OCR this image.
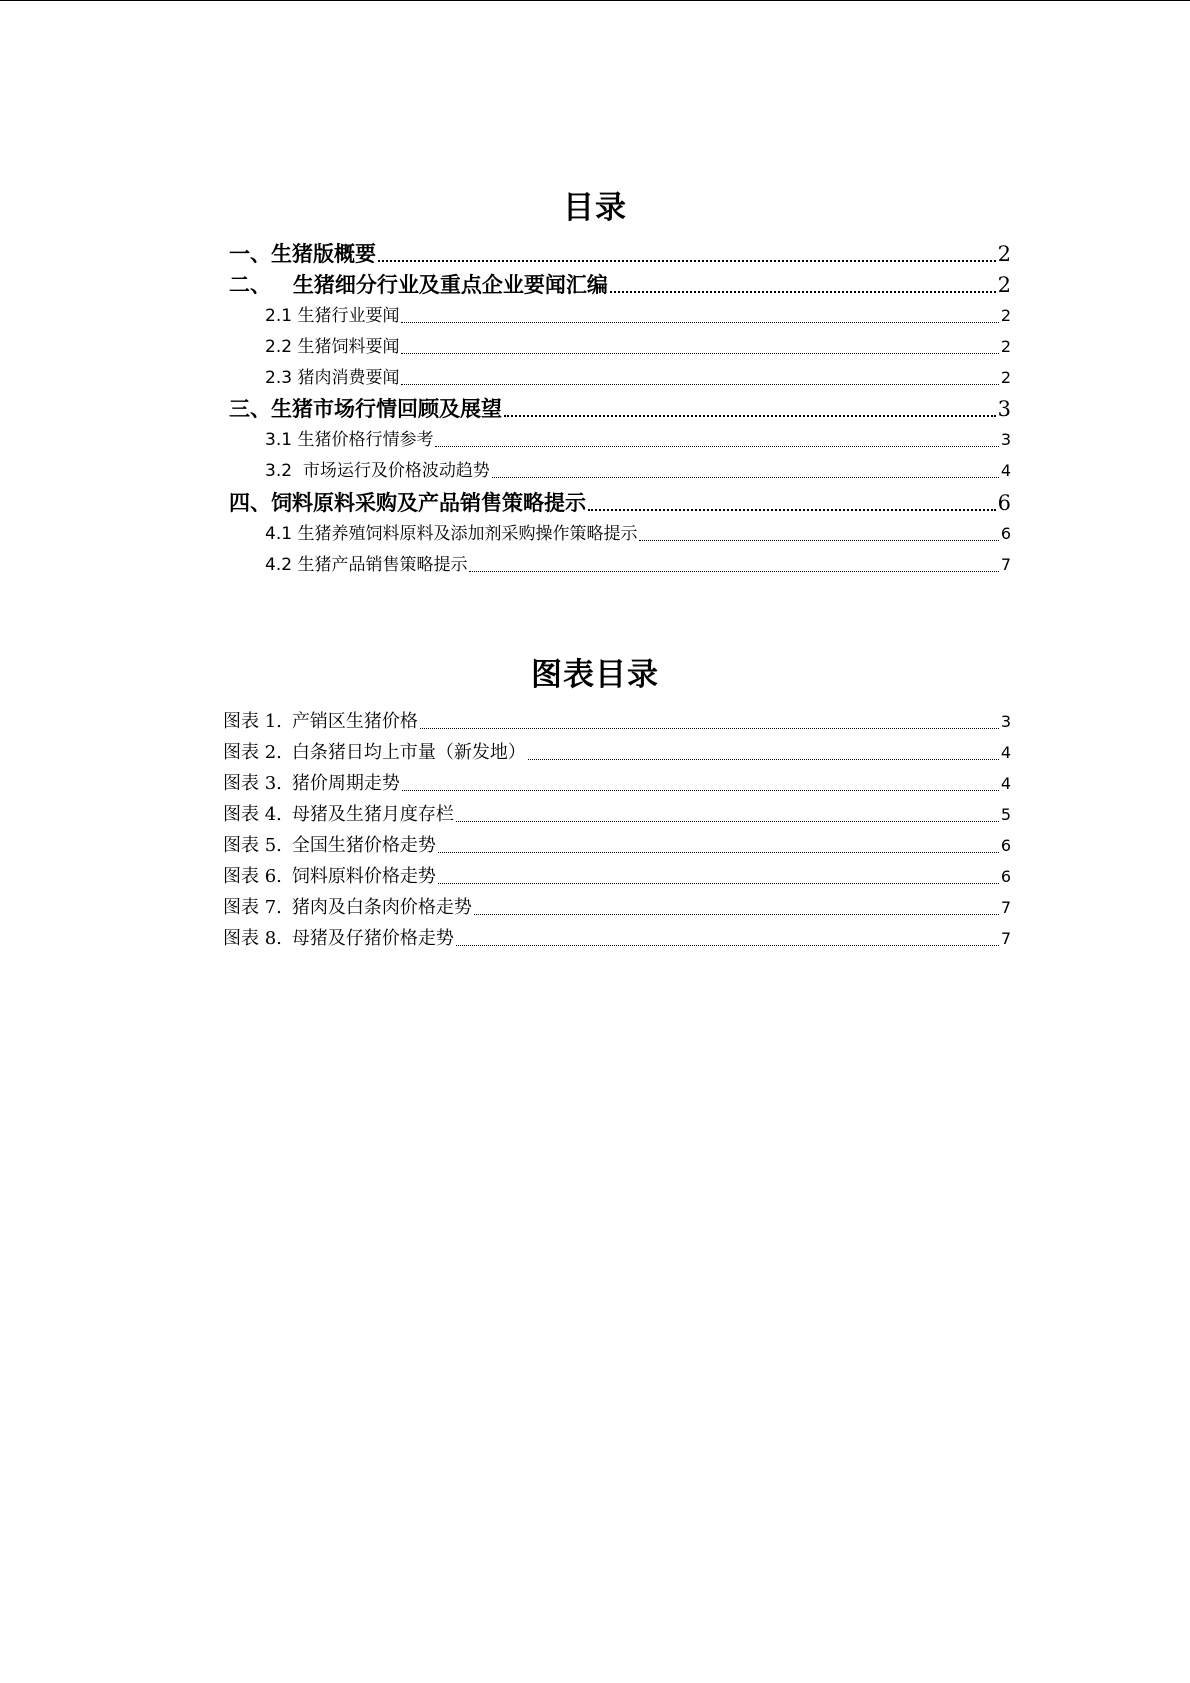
目录
一、生猪版概要	2
二、   生猪细分行业及重点企业要闻汇编	2
2.1 生猪行业要闻	2
2.2 生猪饲料要闻	2
2.3 猪肉消费要闻	2
三、生猪市场行情回顾及展望	3
3.1 生猪价格行情参考	3
3.2  市场运行及价格波动趋势	4
四、饲料原料采购及产品销售策略提示	6
4.1 生猪养殖饲料原料及添加剂采购操作策略提示	6
4.2 生猪产品销售策略提示	7
图表目录
图表 1. 产销区生猪价格	3
图表 2. 白条猪日均上市量（新发地）	4
图表 3. 猪价周期走势	4
图表 4. 母猪及生猪月度存栏	5
图表 5. 全国生猪价格走势	6
图表 6. 饲料原料价格走势	6
图表 7. 猪肉及白条肉价格走势	7
图表 8. 母猪及仔猪价格走势	7
